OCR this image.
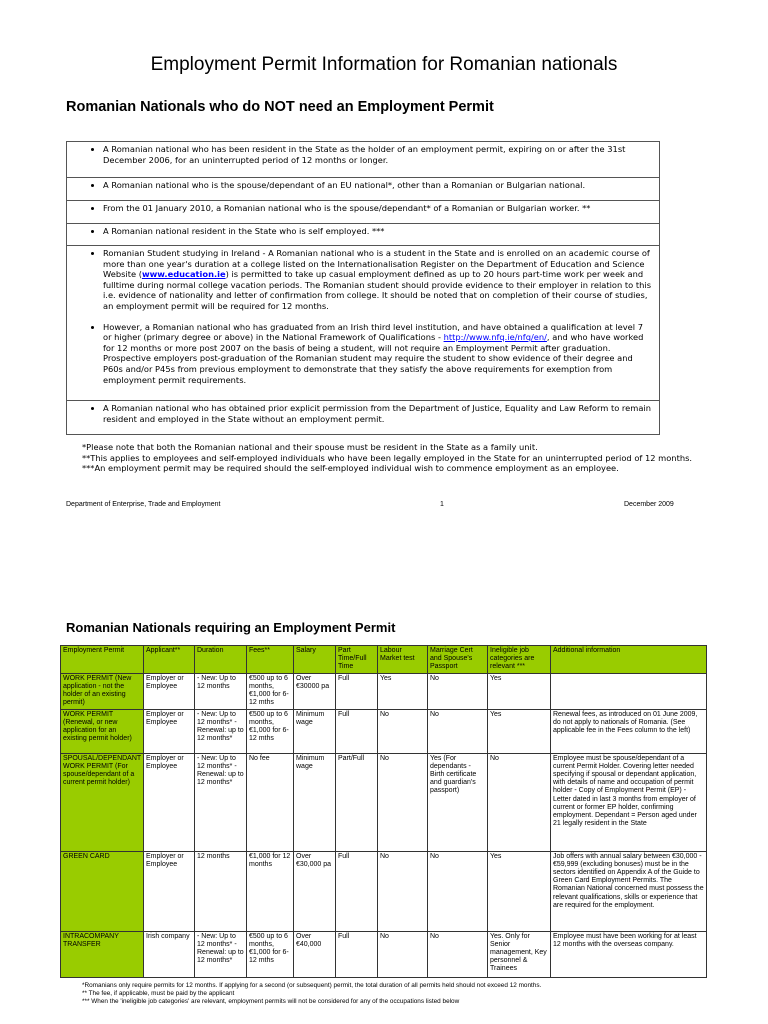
Employment Permit Information for Romanian nationals
Romanian Nationals who do NOT need an Employment Permit
• A Romanian national who has been resident in the State as the holder of an employment permit, expiring on or after the 31st December 2006, for an uninterrupted period of 12 months or longer.
• A Romanian national who is the spouse/dependant of an EU national*, other than a Romanian or Bulgarian national.
• From the 01 January 2010, a Romanian national who is the spouse/dependant* of a Romanian or Bulgarian worker. **
• A Romanian national resident in the State who is self employed. ***
• Romanian Student studying in Ireland - A Romanian national who is a student in the State and is enrolled on an academic course of more than one year's duration at a college listed on the Internationalisation Register on the Department of Education and Science Website (www.education.ie) is permitted to take up casual employment defined as up to 20 hours part-time work per week and fulltime during normal college vacation periods. The Romanian student should provide evidence to their employer in relation to this i.e. evidence of nationality and letter of confirmation from college. It should be noted that on completion of their course of studies, an employment permit will be required for 12 months.
• However, a Romanian national who has graduated from an Irish third level institution, and have obtained a qualification at level 7 or higher (primary degree or above) in the National Framework of Qualifications - http://www.nfq.ie/nfq/en/, and who have worked for 12 months or more post 2007 on the basis of being a student, will not require an Employment Permit after graduation. Prospective employers post-graduation of the Romanian student may require the student to show evidence of their degree and P60s and/or P45s from previous employment to demonstrate that they satisfy the above requirements for exemption from employment permit requirements.
• A Romanian national who has obtained prior explicit permission from the Department of Justice, Equality and Law Reform to remain resident and employed in the State without an employment permit.
*Please note that both the Romanian national and their spouse must be resident in the State as a family unit.
**This applies to employees and self-employed individuals who have been legally employed in the State for an uninterrupted period of 12 months.
***An employment permit may be required should the self-employed individual wish to commence employment as an employee.
Department of Enterprise, Trade and Employment	1	December 2009
Romanian Nationals requiring an Employment Permit
Employment Permit	Applicant**	Duration	Fees**	Salary	Part Time/Full Time	Labour Market test	Marriage Cert and Spouse's Passport	Ineligible job categories are relevant ***	Additional information
WORK PERMIT (New application - not the holder of an existing permit)	Employer or Employee	- New: Up to 12 months	€500 up to 6 months, €1,000 for 6-12 mths	Over €30000 pa	Full	Yes	No	Yes	
WORK PERMIT (Renewal, or new application for an existing permit holder)	Employer or Employee	- New: Up to 12 months* - Renewal: up to 12 months*	€500 up to 6 months, €1,000 for 6-12 mths	Minimum wage	Full	No	No	Yes	Renewal fees, as introduced on 01 June 2009, do not apply to nationals of Romania. (See applicable fee in the Fees column to the left)
SPOUSAL/DEPENDANT WORK PERMIT (For spouse/dependant of a current permit holder)	Employer or Employee	- New: Up to 12 months* - Renewal: up to 12 months*	No fee	Minimum wage	Part/Full	No	Yes (For dependants - Birth certificate and guardian's passport)	No	Employee must be spouse/dependant of a current Permit Holder. Covering letter needed specifying if spousal or dependant application, with details of name and occupation of permit holder - Copy of Employment Permit (EP) - Letter dated in last 3 months from employer of current or former EP holder, confirming employment. Dependant = Person aged under 21 legally resident in the State
GREEN CARD	Employer or Employee	12 months	€1,000 for 12 months	Over €30,000 pa	Full	No	No	Yes	Job offers with annual salary between €30,000 - €59,999 (excluding bonuses) must be in the sectors identified on Appendix A of the Guide to Green Card Employment Permits. The Romanian National concerned must possess the relevant qualifications, skills or experience that are required for the employment.
INTRACOMPANY TRANSFER	Irish company	- New: Up to 12 months* - Renewal: up to 12 months*	€500 up to 6 months, €1,000 for 6-12 mths	Over €40,000	Full	No	No	Yes. Only for Senior management, Key personnel & Trainees	Employee must have been working for at least 12 months with the overseas company.
*Romanians only require permits for 12 months. If applying for a second (or subsequent) permit, the total duration of all permits held should not exceed 12 months.
** The fee, if applicable, must be paid by the applicant
*** When the 'ineligible job categories' are relevant, employment permits will not be considered for any of the occupations listed below
